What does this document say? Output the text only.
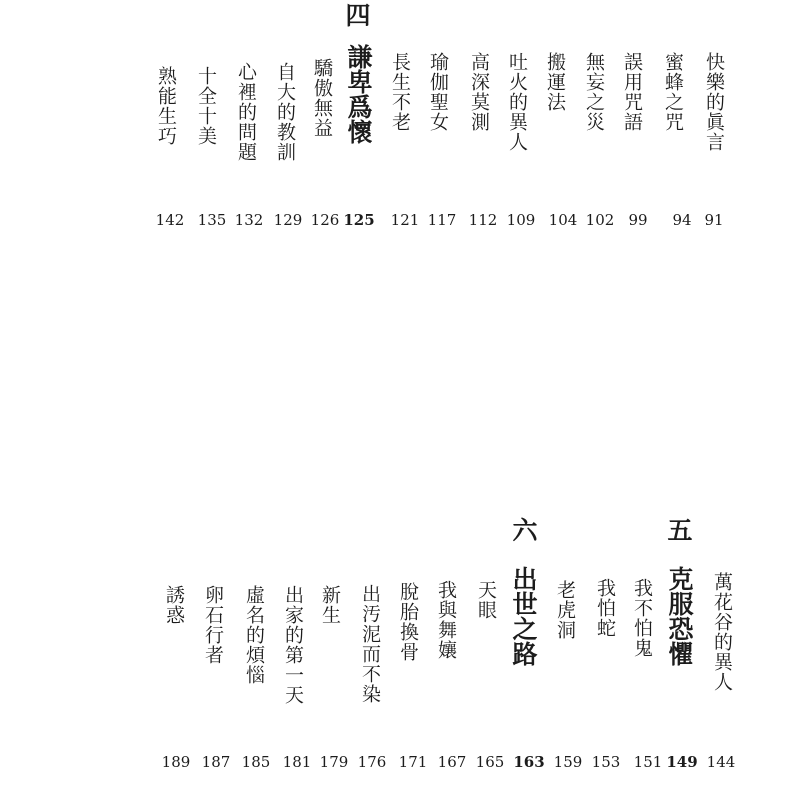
四
六	五
快樂的眞言
91
蜜蜂之咒
94
誤用咒語
99
無妄之災
102
搬運法
104
吐火的異人
109
高深莫測
112
瑜伽聖女
117
長生不老
121
謙卑爲懷
125
驕傲無益
126
自大的教訓
129
心裡的問題
132
十全十美
135
熟能生巧
142
萬花谷的異人
144
克服恐懼
149
我不怕鬼
151
我怕蛇
153
老虎洞
159
出世之路
163
天眼
165
我與舞孃
167
脫胎換骨
171
出汚泥而不染
176
新生
179
出家的第一天
181
虛名的煩惱
185
卵石行者
187
誘惑
189
